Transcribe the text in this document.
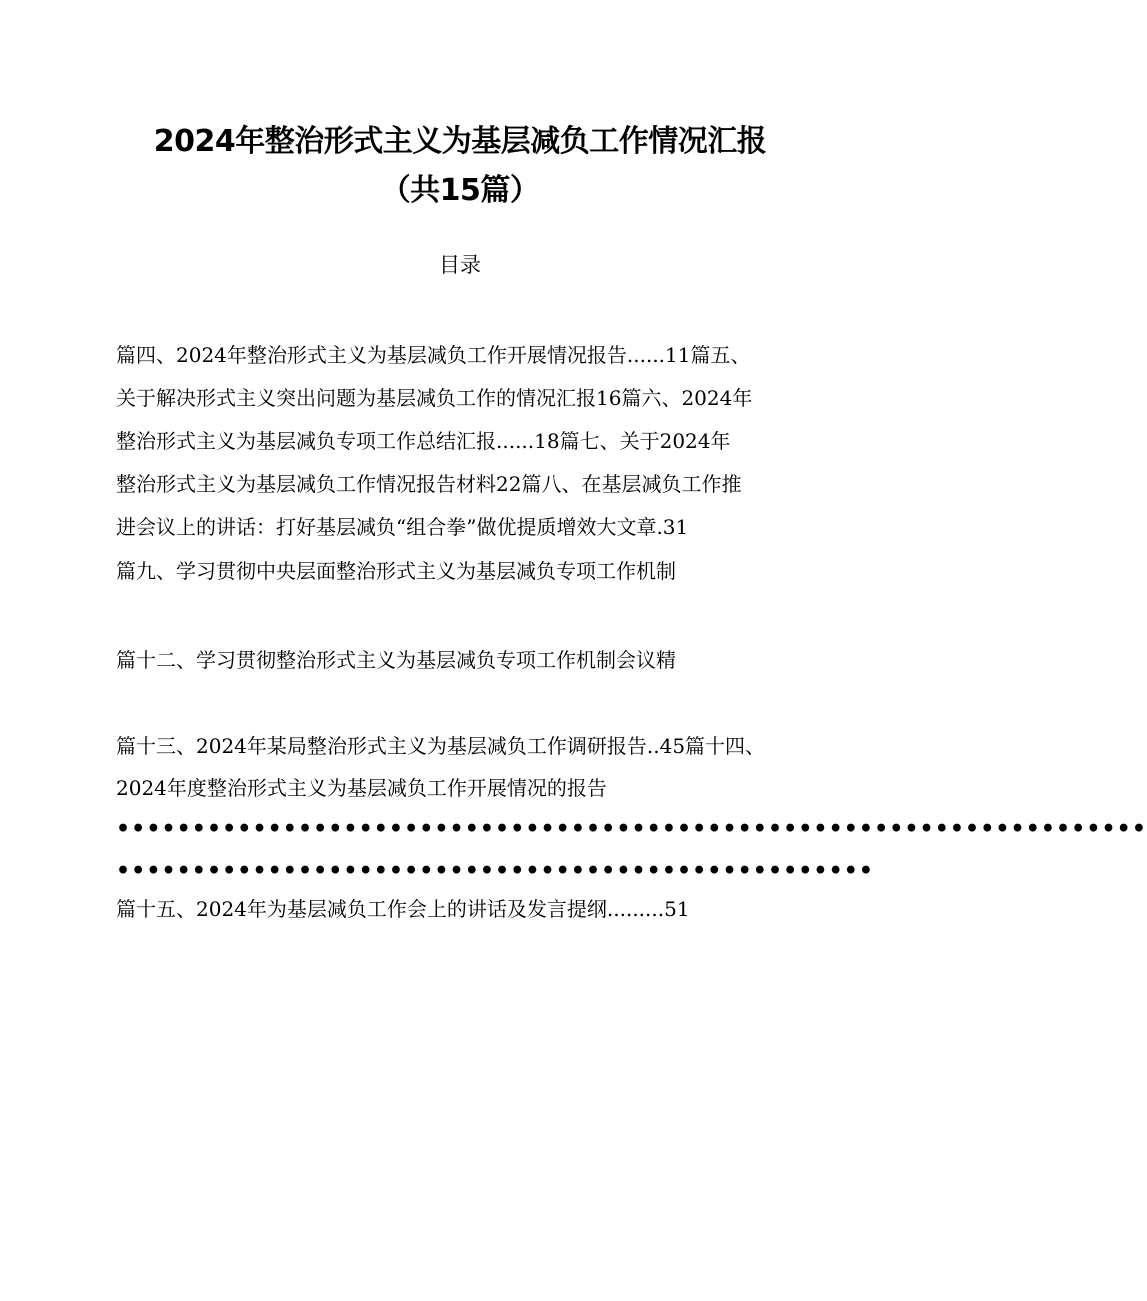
2024年整治形式主义为基层减负工作情况汇报
（共15篇）
目录

篇四、2024年整治形式主义为基层减负工作开展情况报告......11篇五、

关于解决形式主义突出问题为基层减负工作的情况汇报16篇六、2024年

整治形式主义为基层减负专项工作总结汇报......18篇七、关于2024年

整治形式主义为基层减负工作情况报告材料22篇八、在基层减负工作推

进会议上的讲话：打好基层减负“组合拳”做优提质增效大文章.31

篇九、学习贯彻中央层面整治形式主义为基层减负专项工作机制

篇十二、学习贯彻整治形式主义为基层减负专项工作机制会议精

篇十三、2024年某局整治形式主义为基层减负工作调研报告..45篇十四、

2024年度整治形式主义为基层减负工作开展情况的报告

••••••••••••••••••••••••••••••••••••••••••••••••••••••••••••••••••••

••••••••••••••••••••••••••••••••••••••••••••••••••

篇十五、2024年为基层减负工作会上的讲话及发言提纲.........51
